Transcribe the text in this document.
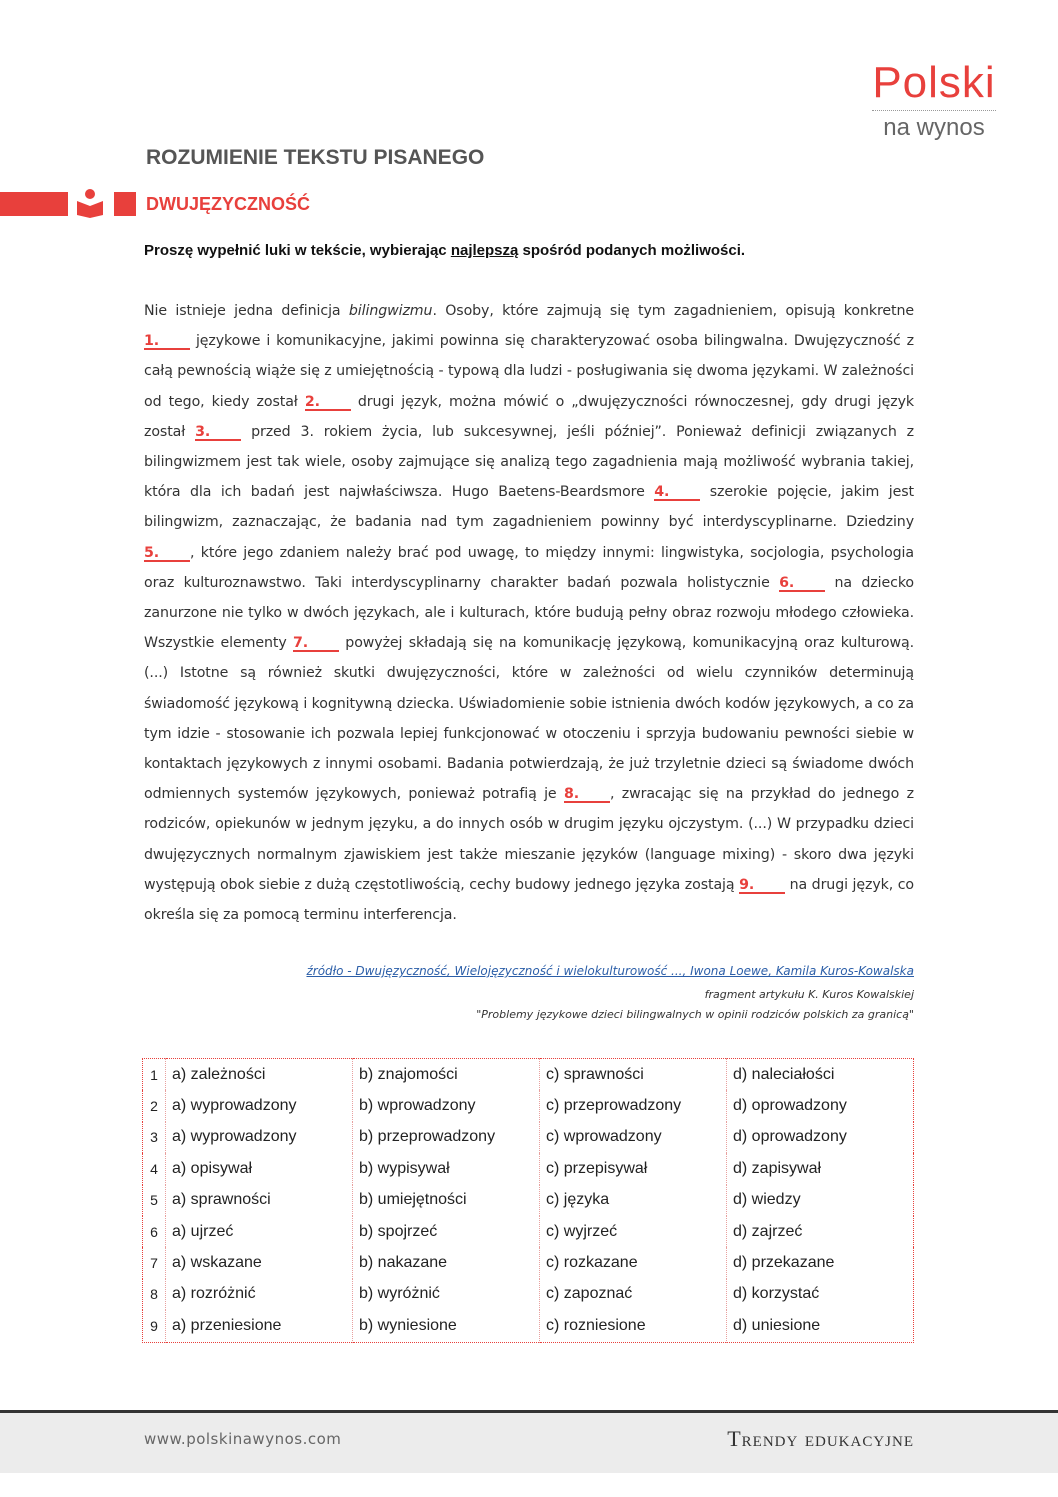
Polski
na wynos
ROZUMIENIE TEKSTU PISANEGO
DWUJĘZYCZNOŚĆ
Proszę wypełnić luki w tekście, wybierając najlepszą spośród podanych możliwości.
Nie istnieje jedna definicja bilingwizmu. Osoby, które zajmują się tym zagadnieniem, opisują konkretne 1. językowe i komunikacyjne, jakimi powinna się charakteryzować osoba bilingwalna. Dwujęzyczność z całą pewnością wiąże się z umiejętnością - typową dla ludzi - posługiwania się dwoma językami. W zależności od tego, kiedy został 2. drugi język, można mówić o „dwujęzyczności równoczesnej, gdy drugi język został 3. przed 3. rokiem życia, lub sukcesywnej, jeśli później”. Ponieważ definicji związanych z bilingwizmem jest tak wiele, osoby zajmujące się analizą tego zagadnienia mają możliwość wybrania takiej, która dla ich badań jest najwłaściwsza. Hugo Baetens-Beardsmore 4. szerokie pojęcie, jakim jest bilingwizm, zaznaczając, że badania nad tym zagadnieniem powinny być interdyscyplinarne. Dziedziny 5. , które jego zdaniem należy brać pod uwagę, to między innymi: lingwistyka, socjologia, psychologia oraz kulturoznawstwo. Taki interdyscyplinarny charakter badań pozwala holistycznie 6. na dziecko zanurzone nie tylko w dwóch językach, ale i kulturach, które budują pełny obraz rozwoju młodego człowieka. Wszystkie elementy 7. powyżej składają się na komunikację językową, komunikacyjną oraz kulturową. (...) Istotne są również skutki dwujęzyczności, które w zależności od wielu czynników determinują świadomość językową i kognitywną dziecka. Uświadomienie sobie istnienia dwóch kodów językowych, a co za tym idzie - stosowanie ich pozwala lepiej funkcjonować w otoczeniu i sprzyja budowaniu pewności siebie w kontaktach językowych z innymi osobami. Badania potwierdzają, że już trzyletnie dzieci są świadome dwóch odmiennych systemów językowych, ponieważ potrafią je 8. , zwracając się na przykład do jednego z rodziców, opiekunów w jednym języku, a do innych osób w drugim języku ojczystym. (...) W przypadku dzieci dwujęzycznych normalnym zjawiskiem jest także mieszanie języków (language mixing) - skoro dwa języki występują obok siebie z dużą częstotliwością, cechy budowy jednego języka zostają 9. na drugi język, co określa się za pomocą terminu interferencja.
źródło - Dwujęzyczność, Wielojęzyczność i wielokulturowość ..., Iwona Loewe, Kamila Kuros-Kowalska
fragment artykułu K. Kuros Kowalskiej
"Problemy językowe dzieci bilingwalnych w opinii rodziców polskich za granicą"
1	a) zależności	b) znajomości	c) sprawności	d) naleciałości
2	a) wyprowadzony	b) wprowadzony	c) przeprowadzony	d) oprowadzony
3	a) wyprowadzony	b) przeprowadzony	c) wprowadzony	d) oprowadzony
4	a) opisywał	b) wypisywał	c) przepisywał	d) zapisywał
5	a) sprawności	b) umiejętności	c) języka	d) wiedzy
6	a) ujrzeć	b) spojrzeć	c) wyjrzeć	d) zajrzeć
7	a) wskazane	b) nakazane	c) rozkazane	d) przekazane
8	a) rozróżnić	b) wyróżnić	c) zapoznać	d) korzystać
9	a) przeniesione	b) wyniesione	c) rozniesione	d) uniesione
www.polskinawynos.com	Trendy edukacyjne
